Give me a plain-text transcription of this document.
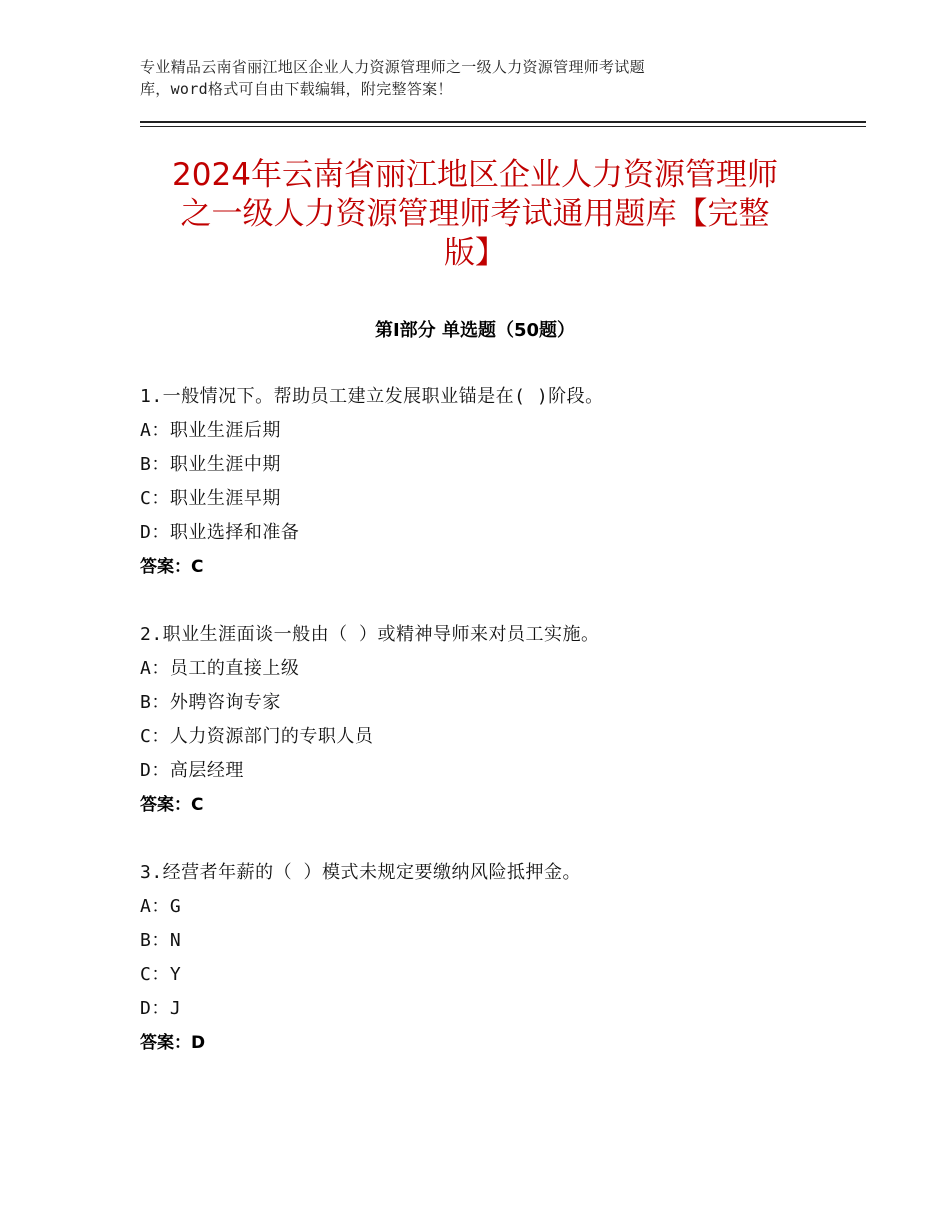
专业精品云南省丽江地区企业人力资源管理师之一级人力资源管理师考试题
库，word格式可自由下载编辑，附完整答案！
2024年云南省丽江地区企业人力资源管理师
之一级人力资源管理师考试通用题库【完整
版】
第Ⅰ部分 单选题（50题）
1.一般情况下。帮助员工建立发展职业锚是在( )阶段。
A：职业生涯后期
B：职业生涯中期
C：职业生涯早期
D：职业选择和准备
答案：C
2.职业生涯面谈一般由（ ）或精神导师来对员工实施。
A：员工的直接上级
B：外聘咨询专家
C：人力资源部门的专职人员
D：高层经理
答案：C
3.经营者年薪的（ ）模式未规定要缴纳风险抵押金。
A：G
B：N
C：Y
D：J
答案：D
